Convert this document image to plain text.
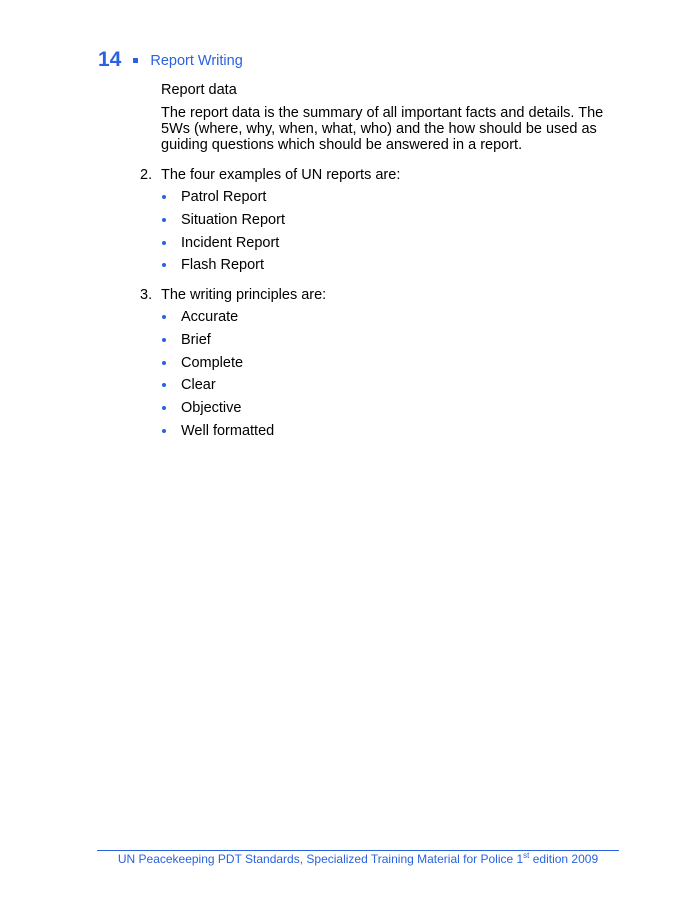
14 Report Writing
Report data
The report data is the summary of all important facts and details. The 5Ws (where, why, when, what, who) and the how should be used as guiding questions which should be answered in a report.
2. The four examples of UN reports are:
Patrol Report
Situation Report
Incident Report
Flash Report
3. The writing principles are:
Accurate
Brief
Complete
Clear
Objective
Well formatted
UN Peacekeeping PDT Standards, Specialized Training Material for Police 1st edition 2009
